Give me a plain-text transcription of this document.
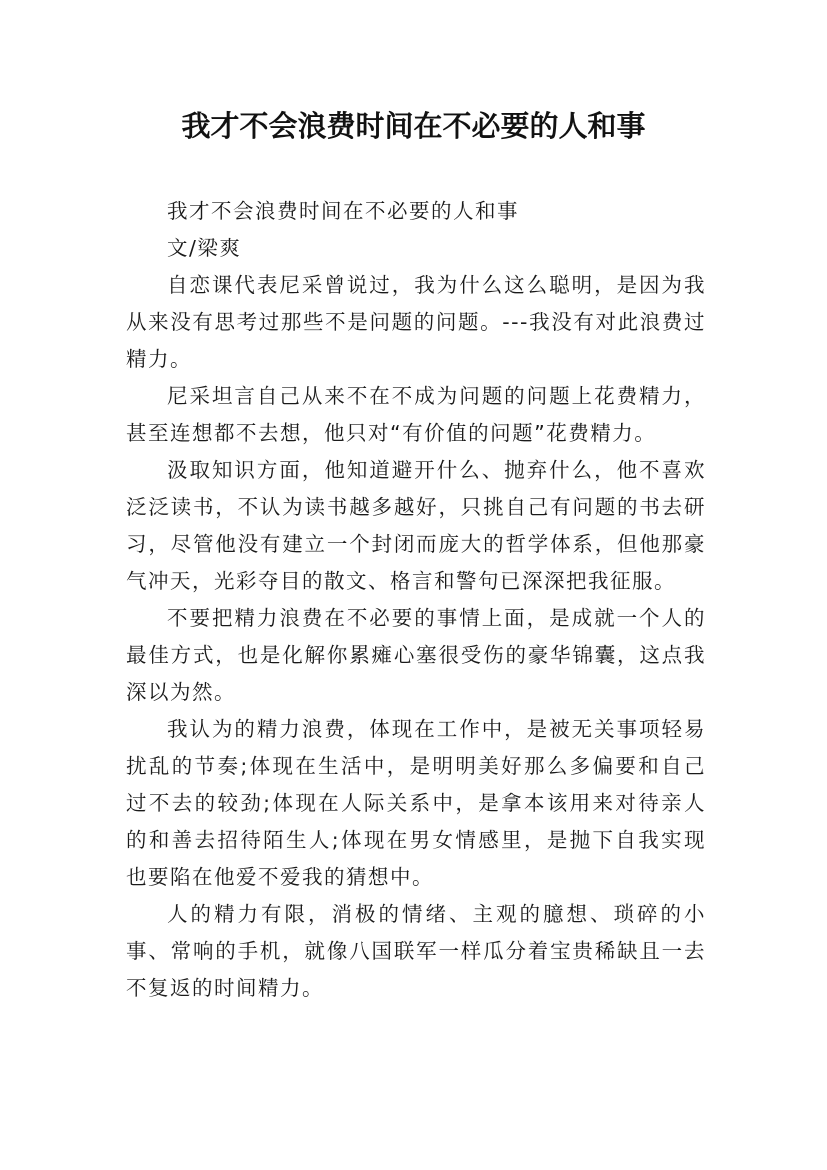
我才不会浪费时间在不必要的人和事

我才不会浪费时间在不必要的人和事

文/梁爽

自恋课代表尼采曾说过，我为什么这么聪明，是因为我从来没有思考过那些不是问题的问题。---我没有对此浪费过精力。

尼采坦言自己从来不在不成为问题的问题上花费精力，甚至连想都不去想，他只对“有价值的问题”花费精力。

汲取知识方面，他知道避开什么、抛弃什么，他不喜欢泛泛读书，不认为读书越多越好，只挑自己有问题的书去研习，尽管他没有建立一个封闭而庞大的哲学体系，但他那豪气冲天，光彩夺目的散文、格言和警句已深深把我征服。

不要把精力浪费在不必要的事情上面，是成就一个人的最佳方式，也是化解你累瘫心塞很受伤的豪华锦囊，这点我深以为然。

我认为的精力浪费，体现在工作中，是被无关事项轻易扰乱的节奏;体现在生活中，是明明美好那么多偏要和自己过不去的较劲;体现在人际关系中，是拿本该用来对待亲人的和善去招待陌生人;体现在男女情感里，是抛下自我实现也要陷在他爱不爱我的猜想中。

人的精力有限，消极的情绪、主观的臆想、琐碎的小事、常响的手机，就像八国联军一样瓜分着宝贵稀缺且一去不复返的时间精力。
